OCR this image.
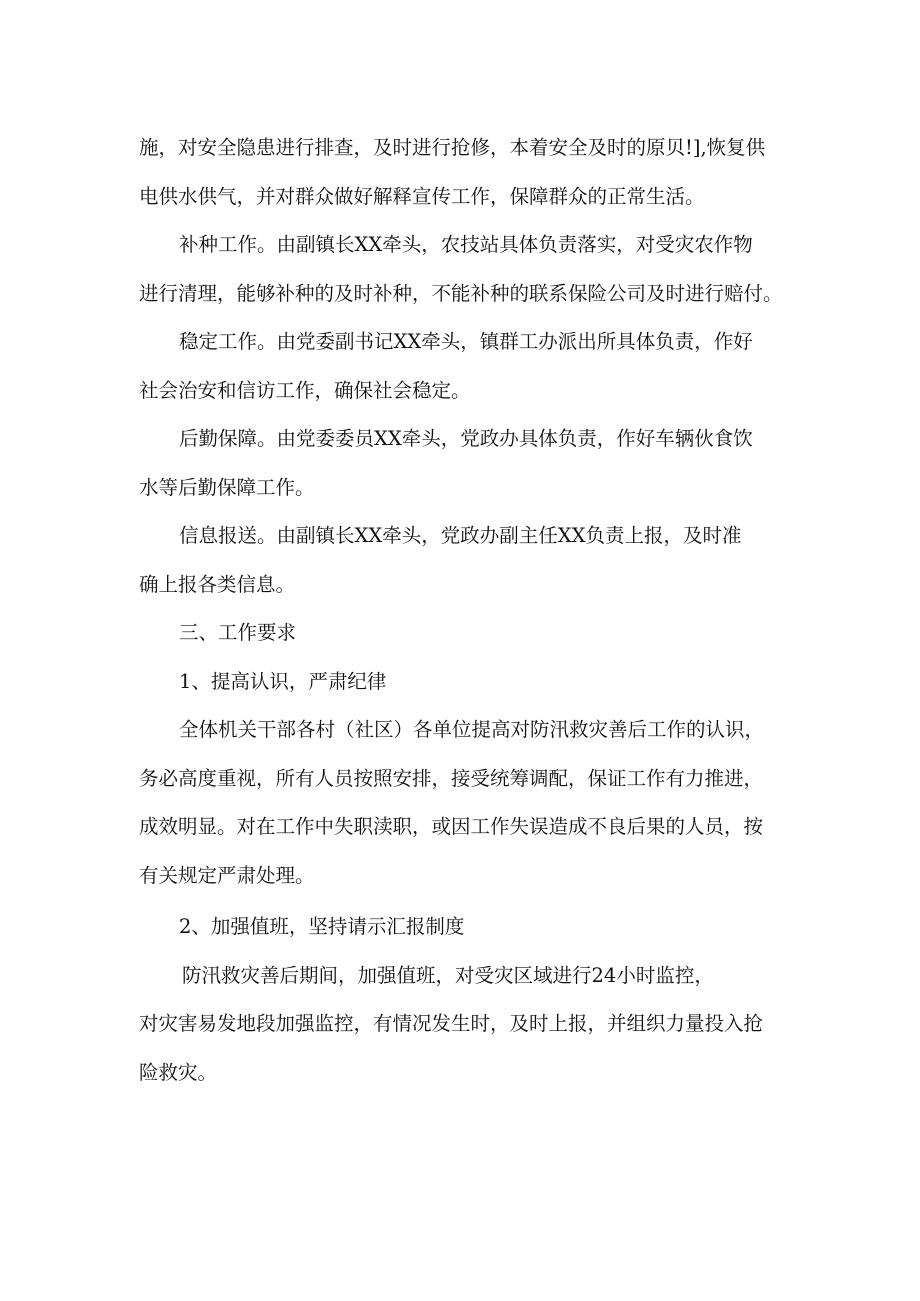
施，对安全隐患进行排查，及时进行抢修，本着安全及时的原贝!],恢复供
电供水供气，并对群众做好解释宣传工作，保障群众的正常生活。

补种工作。由副镇长XX牵头，农技站具体负责落实，对受灾农作物
进行清理，能够补种的及时补种，不能补种的联系保险公司及时进行赔付。

稳定工作。由党委副书记XX牵头，镇群工办派出所具体负责，作好
社会治安和信访工作，确保社会稳定。

后勤保障。由党委委员XX牵头，党政办具体负责，作好车辆伙食饮
水等后勤保障工作。

信息报送。由副镇长XX牵头，党政办副主任XX负责上报，及时准
确上报各类信息。

三、工作要求

1、提高认识，严肃纪律

全体机关干部各村（社区）各单位提高对防汛救灾善后工作的认识，
务必高度重视，所有人员按照安排，接受统筹调配，保证工作有力推进，
成效明显。对在工作中失职渎职，或因工作失误造成不良后果的人员，按
有关规定严肃处理。

2、加强值班，坚持请示汇报制度

防汛救灾善后期间，加强值班，对受灾区域进行24小时监控，
对灾害易发地段加强监控，有情况发生时，及时上报，并组织力量投入抢
险救灾。
